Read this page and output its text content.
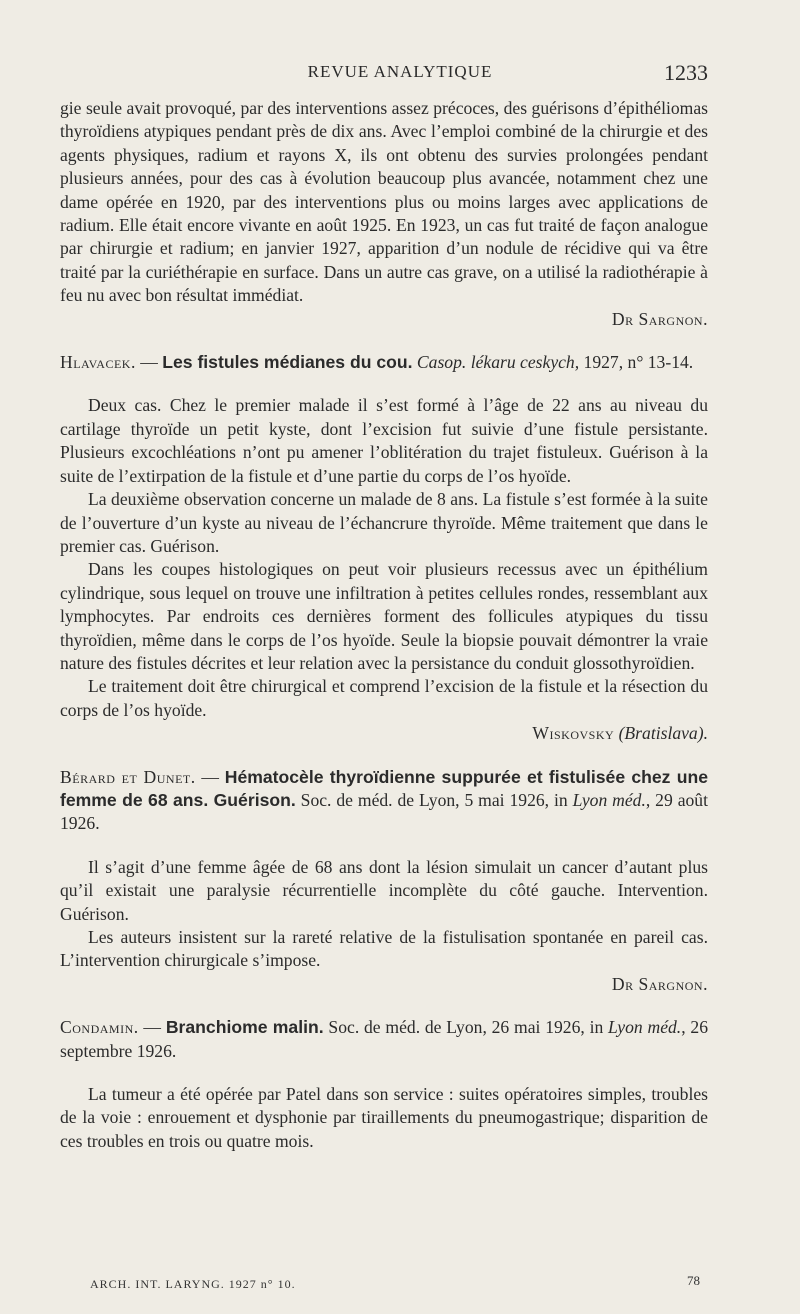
REVUE ANALYTIQUE	1233

gie seule avait provoqué, par des interventions assez précoces, des guérisons d’épithéliomas thyroïdiens atypiques pendant près de dix ans. Avec l’emploi combiné de la chirurgie et des agents physiques, radium et rayons X, ils ont obtenu des survies prolongées pendant plusieurs années, pour des cas à évolution beaucoup plus avancée, notamment chez une dame opérée en 1920, par des interventions plus ou moins larges avec applications de radium. Elle était encore vivante en août 1925. En 1923, un cas fut traité de façon analogue par chirurgie et radium; en janvier 1927, apparition d’un nodule de récidive qui va être traité par la curiéthérapie en surface. Dans un autre cas grave, on a utilisé la radiothérapie à feu nu avec bon résultat immédiat.

Dr Sargnon.

Hlavacek. — Les fistules médianes du cou. Casop. lékaru ceskych, 1927, n° 13-14.

Deux cas. Chez le premier malade il s’est formé à l’âge de 22 ans au niveau du cartilage thyroïde un petit kyste, dont l’excision fut suivie d’une fistule persistante. Plusieurs excochléations n’ont pu amener l’oblitération du trajet fistuleux. Guérison à la suite de l’extirpation de la fistule et d’une partie du corps de l’os hyoïde.

La deuxième observation concerne un malade de 8 ans. La fistule s’est formée à la suite de l’ouverture d’un kyste au niveau de l’échancrure thyroïde. Même traitement que dans le premier cas. Guérison.

Dans les coupes histologiques on peut voir plusieurs recessus avec un épithélium cylindrique, sous lequel on trouve une infiltration à petites cellules rondes, ressemblant aux lymphocytes. Par endroits ces dernières forment des follicules atypiques du tissu thyroïdien, même dans le corps de l’os hyoïde. Seule la biopsie pouvait démontrer la vraie nature des fistules décrites et leur relation avec la persistance du conduit glossothyroïdien.

Le traitement doit être chirurgical et comprend l’excision de la fistule et la résection du corps de l’os hyoïde.

Wiskovsky (Bratislava).

Bérard et Dunet. — Hématocèle thyroïdienne suppurée et fistulisée chez une femme de 68 ans. Guérison. Soc. de méd. de Lyon, 5 mai 1926, in Lyon méd., 29 août 1926.

Il s’agit d’une femme âgée de 68 ans dont la lésion simulait un cancer d’autant plus qu’il existait une paralysie récurrentielle incomplète du côté gauche. Intervention. Guérison.

Les auteurs insistent sur la rareté relative de la fistulisation spontanée en pareil cas. L’intervention chirurgicale s’impose.

Dr Sargnon.

Condamin. — Branchiome malin. Soc. de méd. de Lyon, 26 mai 1926, in Lyon méd., 26 septembre 1926.

La tumeur a été opérée par Patel dans son service : suites opératoires simples, troubles de la voie : enrouement et dysphonie par tiraillements du pneumogastrique; disparition de ces troubles en trois ou quatre mois.

ARCH. INT. LARYNG. 1927 n° 10.	78
